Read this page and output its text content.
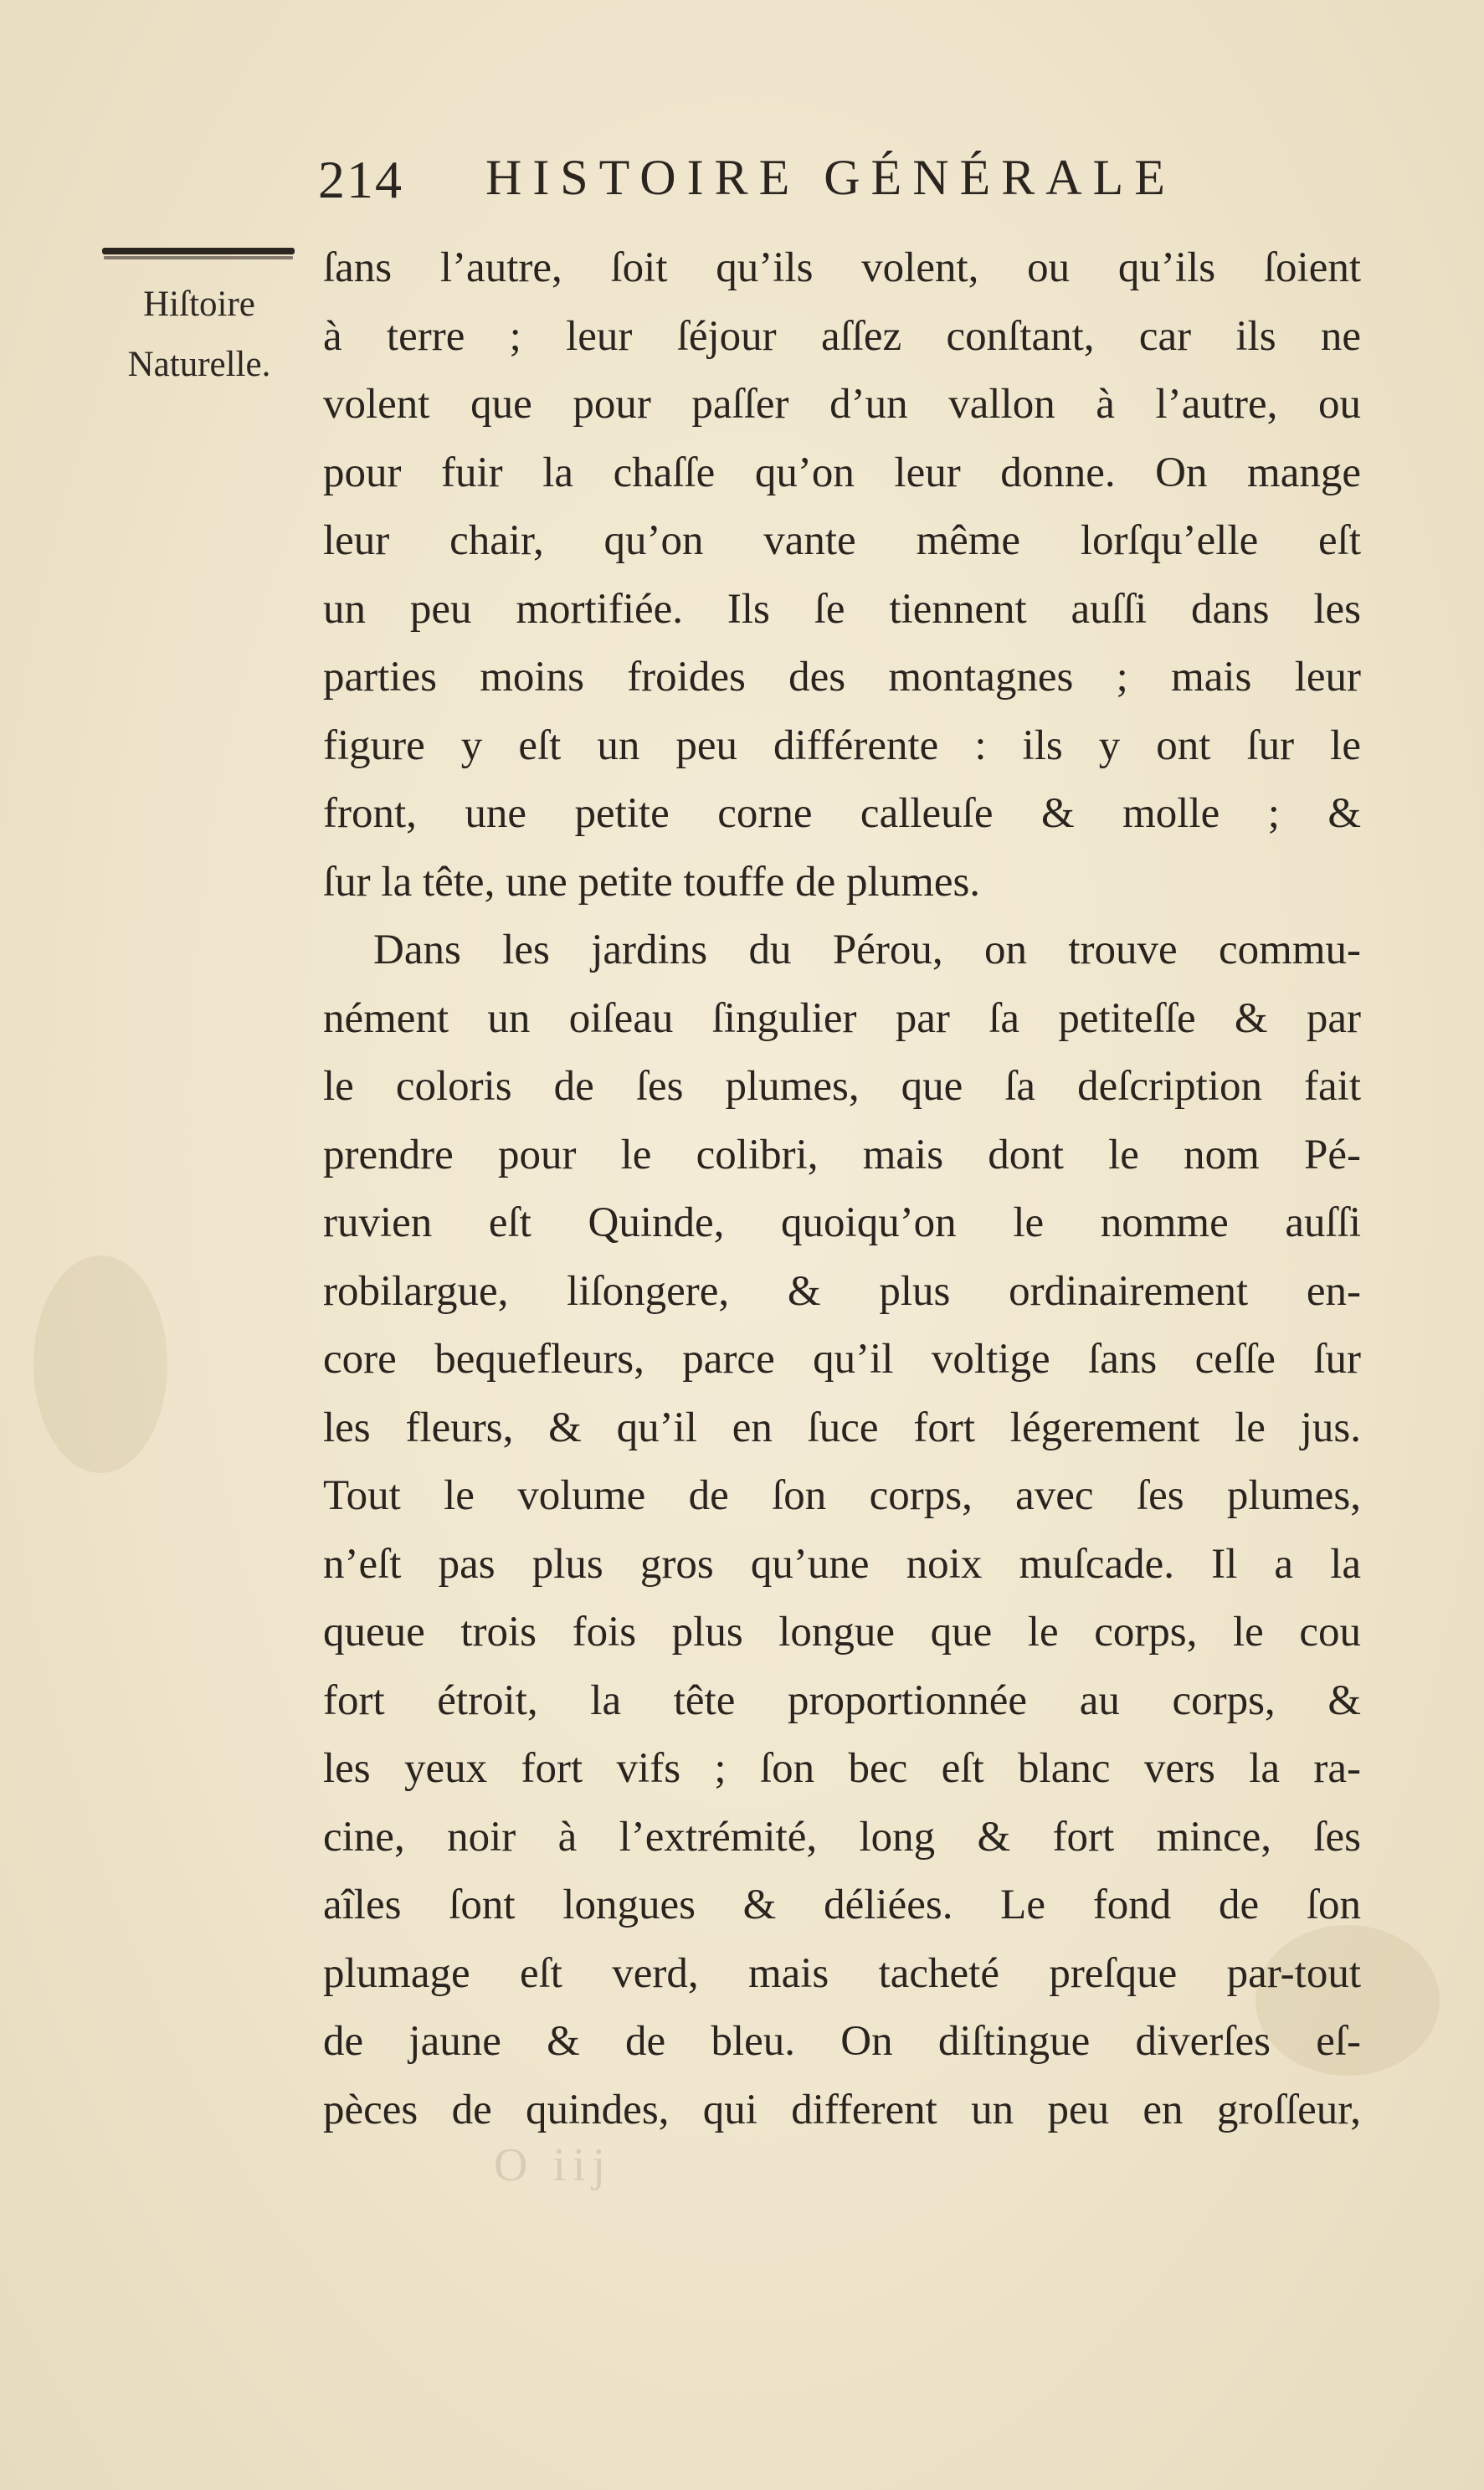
214 HISTOIRE GÉNÉRALE
Hiſtoire
Naturelle.
ſans l’autre, ſoit qu’ils volent, ou qu’ils ſoient
à terre ; leur ſéjour aſſez conſtant, car ils ne
volent que pour paſſer d’un vallon à l’autre, ou
pour fuir la chaſſe qu’on leur donne. On mange
leur chair, qu’on vante même lorſqu’elle eſt
un peu mortifiée. Ils ſe tiennent auſſi dans les
parties moins froides des montagnes ; mais leur
figure y eſt un peu différente : ils y ont ſur le
front, une petite corne calleuſe & molle ; &
ſur la tête, une petite touffe de plumes.
Dans les jardins du Pérou, on trouve commu-
nément un oiſeau ſingulier par ſa petiteſſe & par
le coloris de ſes plumes, que ſa deſcription fait
prendre pour le colibri, mais dont le nom Pé-
ruvien eſt Quinde, quoiqu’on le nomme auſſi
robilargue, liſongere, & plus ordinairement en-
core bequefleurs, parce qu’il voltige ſans ceſſe ſur
les fleurs, & qu’il en ſuce fort légerement le jus.
Tout le volume de ſon corps, avec ſes plumes,
n’eſt pas plus gros qu’une noix muſcade. Il a la
queue trois fois plus longue que le corps, le cou
fort étroit, la tête proportionnée au corps, &
les yeux fort vifs ; ſon bec eſt blanc vers la ra-
cine, noir à l’extrémité, long & fort mince, ſes
aîles ſont longues & déliées. Le fond de ſon
plumage eſt verd, mais tacheté preſque par-tout
de jaune & de bleu. On diſtingue diverſes eſ-
pèces de quindes, qui different un peu en groſſeur,
O iij
